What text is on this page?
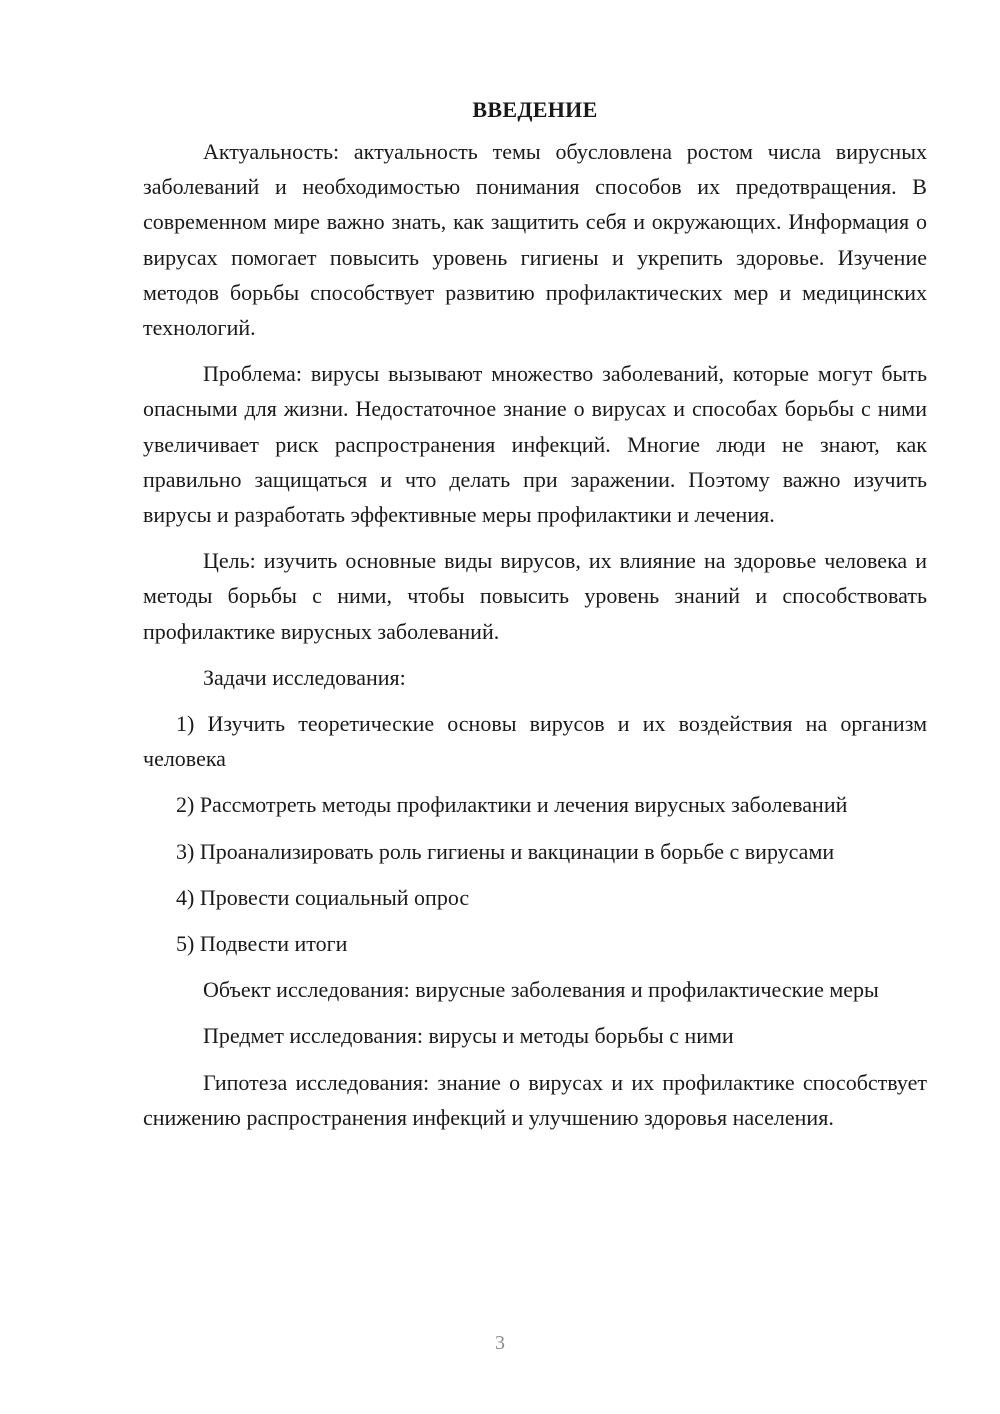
ВВЕДЕНИЕ

Актуальность: актуальность темы обусловлена ростом числа вирусных заболеваний и необходимостью понимания способов их предотвращения. В современном мире важно знать, как защитить себя и окружающих. Информация о вирусах помогает повысить уровень гигиены и укрепить здоровье. Изучение методов борьбы способствует развитию профилактических мер и медицинских технологий.

Проблема: вирусы вызывают множество заболеваний, которые могут быть опасными для жизни. Недостаточное знание о вирусах и способах борьбы с ними увеличивает риск распространения инфекций. Многие люди не знают, как правильно защищаться и что делать при заражении. Поэтому важно изучить вирусы и разработать эффективные меры профилактики и лечения.

Цель: изучить основные виды вирусов, их влияние на здоровье человека и методы борьбы с ними, чтобы повысить уровень знаний и способствовать профилактике вирусных заболеваний.

Задачи исследования:

1) Изучить теоретические основы вирусов и их воздействия на организм человека

2) Рассмотреть методы профилактики и лечения вирусных заболеваний

3) Проанализировать роль гигиены и вакцинации в борьбе с вирусами

4) Провести социальный опрос

5) Подвести итоги

Объект исследования: вирусные заболевания и профилактические меры

Предмет исследования: вирусы и методы борьбы с ними

Гипотеза исследования: знание о вирусах и их профилактике способствует снижению распространения инфекций и улучшению здоровья населения.

3
